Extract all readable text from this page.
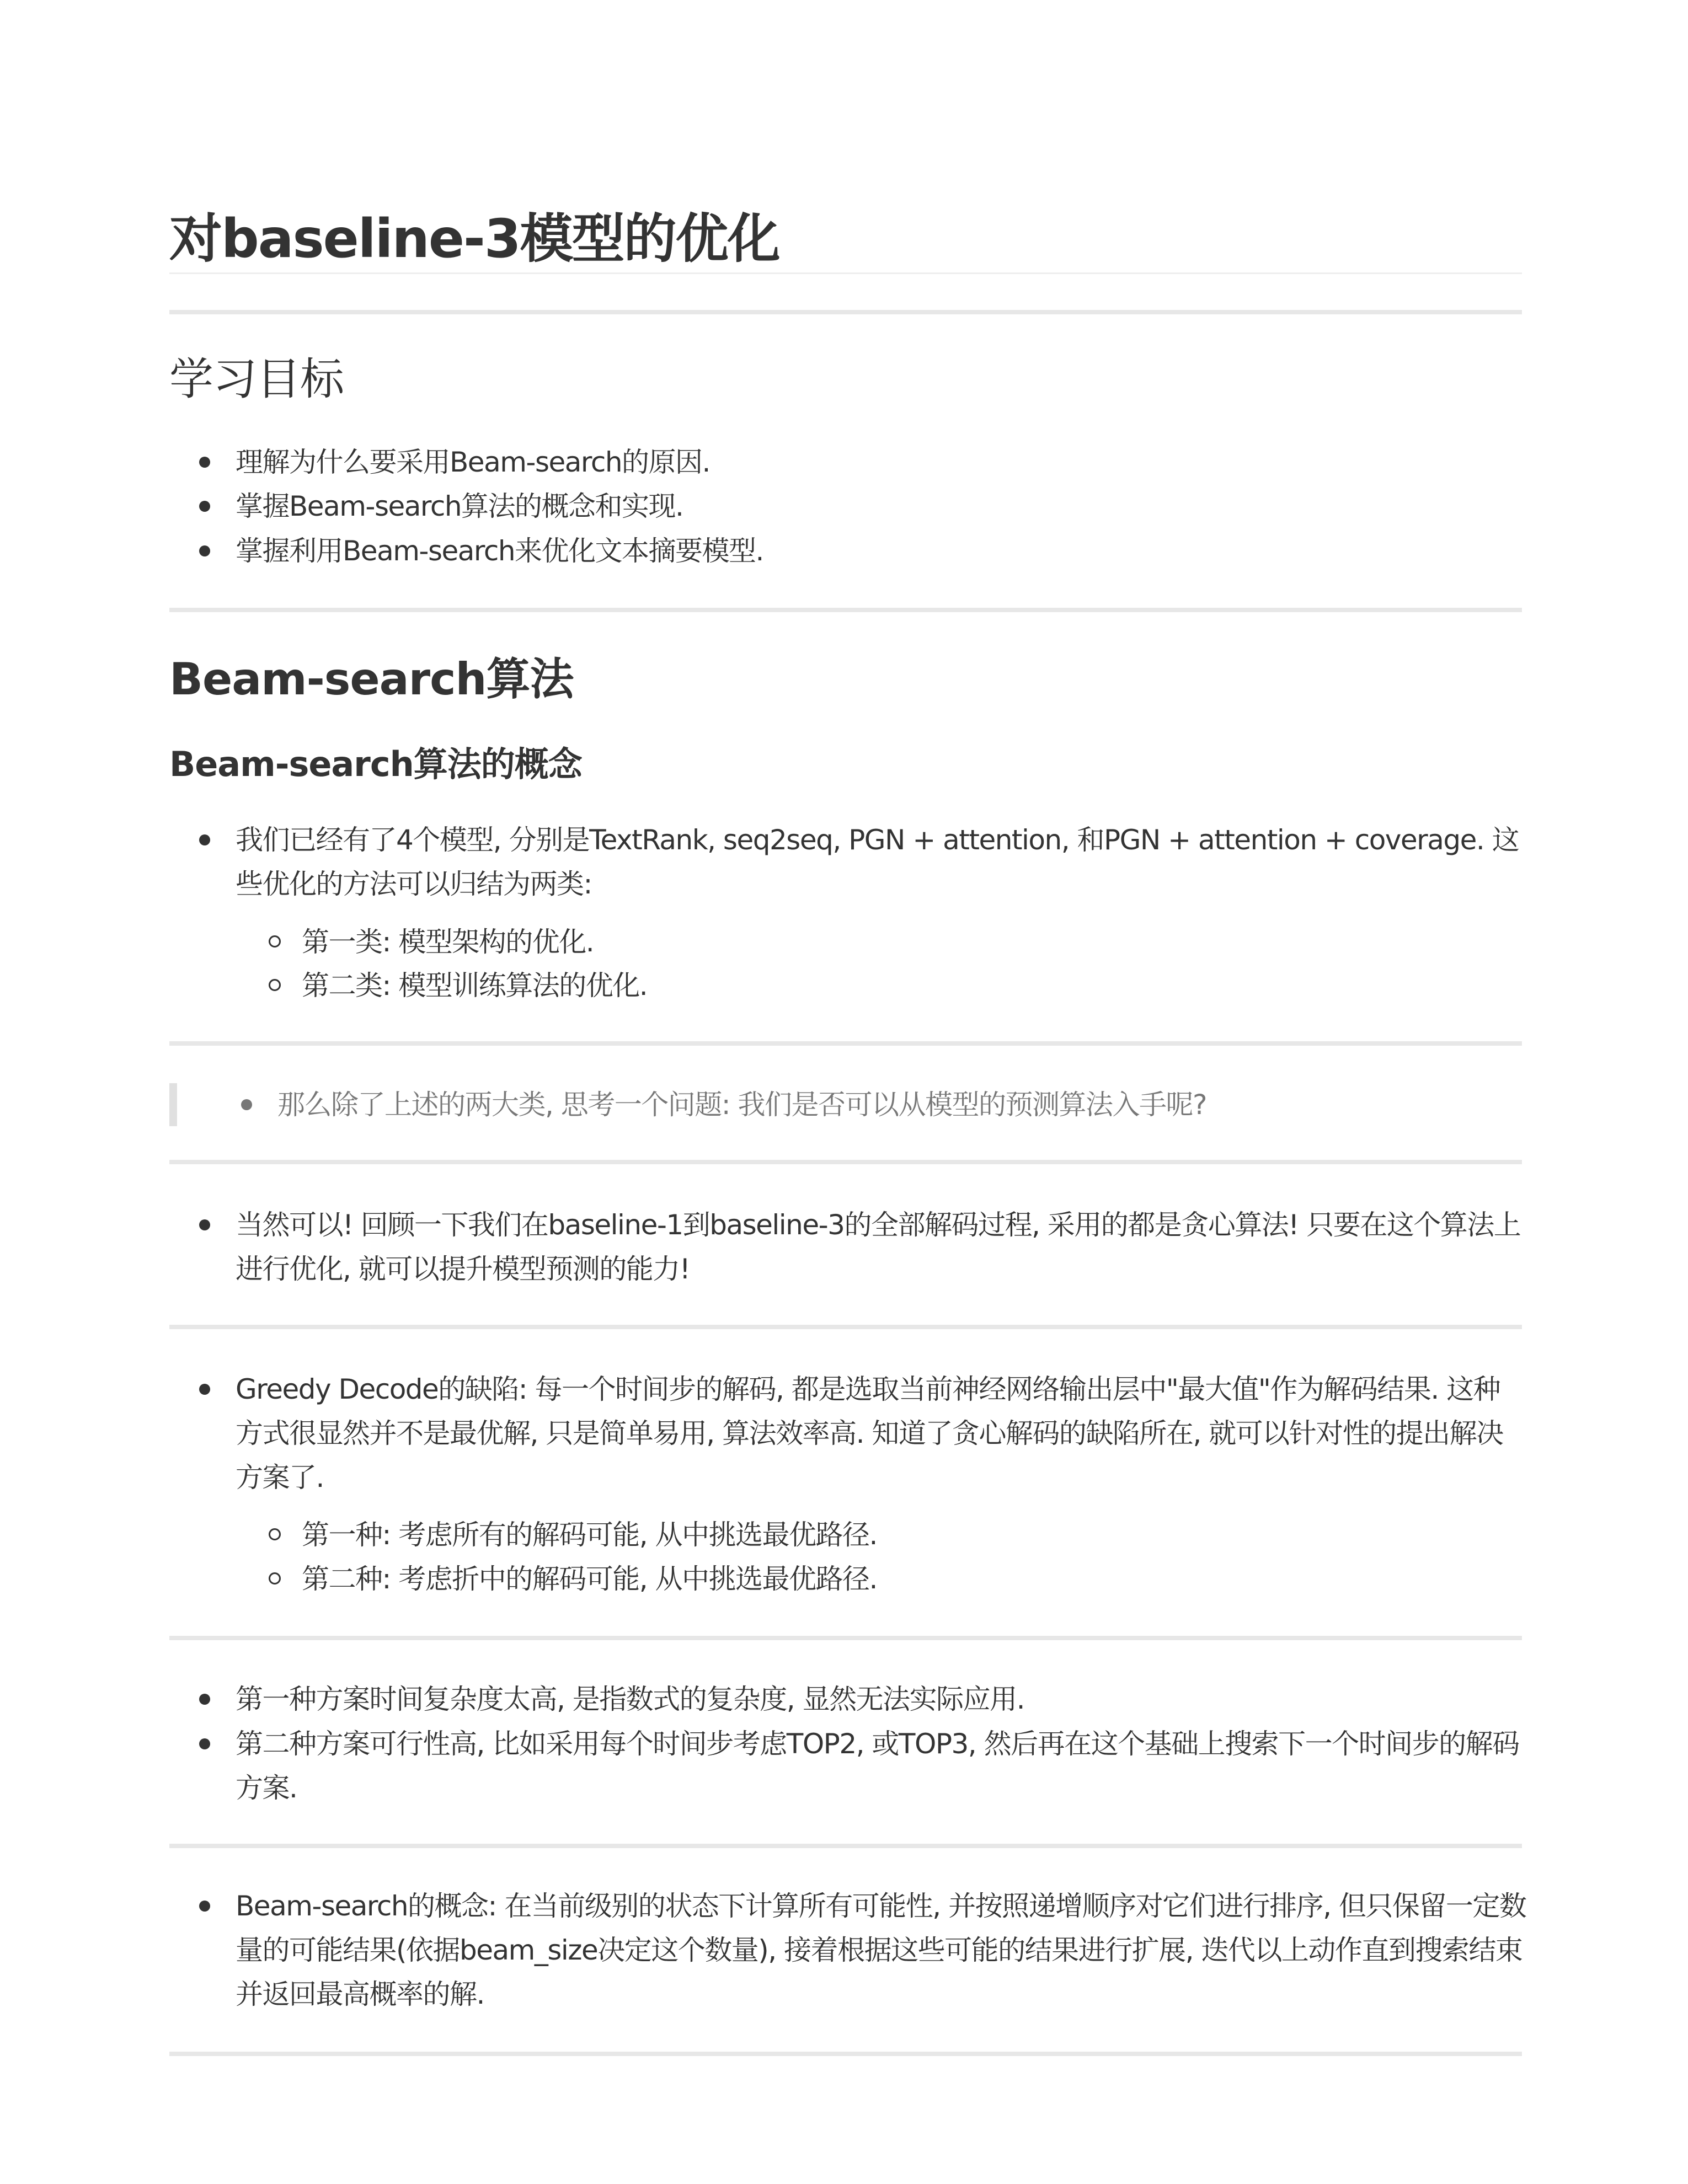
对baseline-3模型的优化
学习目标
理解为什么要采用Beam-search的原因.
掌握Beam-search算法的概念和实现.
掌握利用Beam-search来优化文本摘要模型.
Beam-search算法
Beam-search算法的概念
我们已经有了4个模型, 分别是TextRank, seq2seq, PGN + attention, 和PGN + attention + coverage. 这些优化的方法可以归结为两类:
第一类: 模型架构的优化.
第二类: 模型训练算法的优化.
那么除了上述的两大类, 思考一个问题: 我们是否可以从模型的预测算法入手呢?
当然可以! 回顾一下我们在baseline-1到baseline-3的全部解码过程, 采用的都是贪心算法! 只要在这个算法上进行优化, 就可以提升模型预测的能力!
Greedy Decode的缺陷: 每一个时间步的解码, 都是选取当前神经网络输出层中"最大值"作为解码结果. 这种方式很显然并不是最优解, 只是简单易用, 算法效率高. 知道了贪心解码的缺陷所在, 就可以针对性的提出解决方案了.
第一种: 考虑所有的解码可能, 从中挑选最优路径.
第二种: 考虑折中的解码可能, 从中挑选最优路径.
第一种方案时间复杂度太高, 是指数式的复杂度, 显然无法实际应用.
第二种方案可行性高, 比如采用每个时间步考虑TOP2, 或TOP3, 然后再在这个基础上搜索下一个时间步的解码方案.
Beam-search的概念: 在当前级别的状态下计算所有可能性, 并按照递增顺序对它们进行排序, 但只保留一定数量的可能结果(依据beam_size决定这个数量), 接着根据这些可能的结果进行扩展, 迭代以上动作直到搜索结束并返回最高概率的解.
